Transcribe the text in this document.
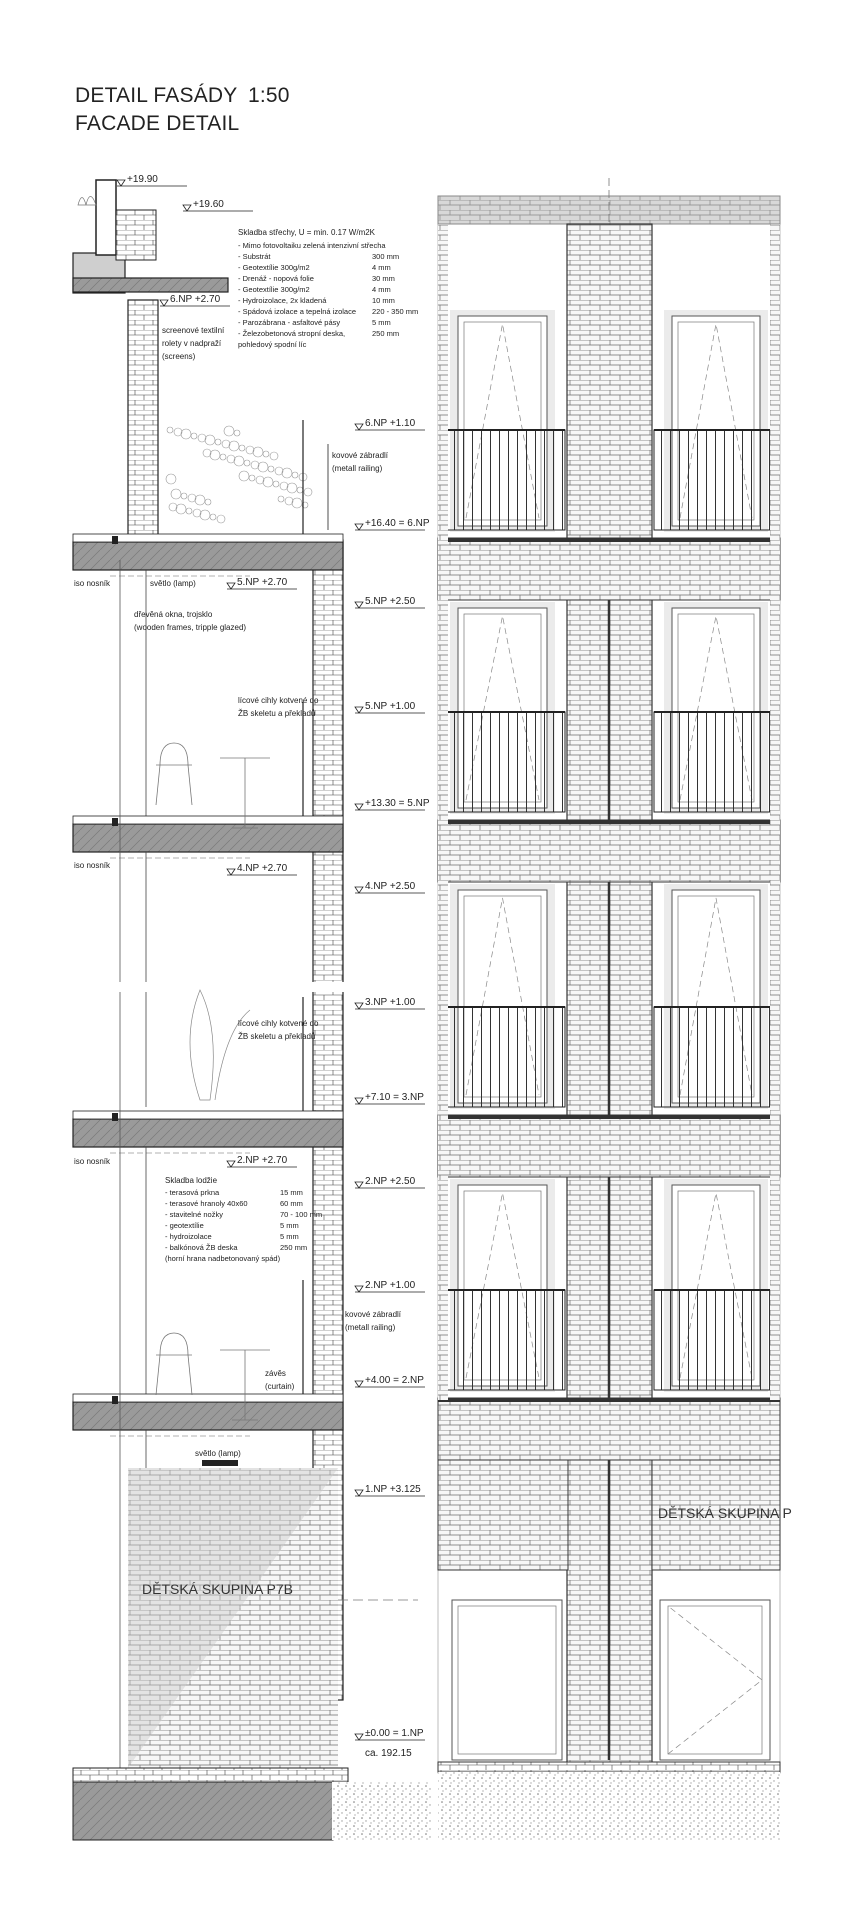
DETAIL FASÁDY 1:50
FACADE DETAIL
DĚTSKÁ SKUPINA P
+19.90
+19.60
6.NP +2.70
6.NP +1.10
+16.40 = 6.NP
5.NP +2.70
5.NP +2.50
5.NP +1.00
+13.30 = 5.NP
4.NP +2.70
4.NP +2.50
3.NP +1.00
+7.10 = 3.NP
2.NP +2.70
2.NP +2.50
2.NP +1.00
+4.00 = 2.NP
1.NP +3.125
±0.00 = 1.NP
ca. 192.15
Skladba střechy, U = min. 0.17 W/m2K
- Mimo fotovoltaiku zelená intenzivní střecha
- Substrát	300 mm
- Geotextílie 300g/m2	4 mm
- Drenáž - nopová folie	30 mm
- Geotextílie 300g/m2	4 mm
- Hydroizolace, 2x kladená	10 mm
- Spádová izolace a tepelná izolace 220 - 350 mm
- Parozábrana - asfaltové pásy	5 mm
- Železobetonová stropní deska,	250 mm
pohledový spodní líc
Skladba lodžie
- terasová prkna	15 mm
- terasové hranoly 40x60	60 mm
- stavitelné nožky	70 - 100 mm
- geotextílie	5 mm
- hydroizolace	5 mm
- balkónová ŽB deska	250 mm
(horní hrana nadbetonovaný spád)
screenové textilní
rolety v nadpraží
(screens)
kovové zábradlí
(metall railing)
iso nosník	světlo (lamp)
dřevěná okna, trojsklo
(wooden frames, tripple glazed)
lícové cihly kotvené do
ŽB skeletu a překladů
iso nosník
lícové cihly kotvené do
ŽB skeletu a překladů
iso nosník
kovové zábradlí
(metall railing)
závěs
(curtain)
světlo (lamp)
DĚTSKÁ SKUPINA P7B
